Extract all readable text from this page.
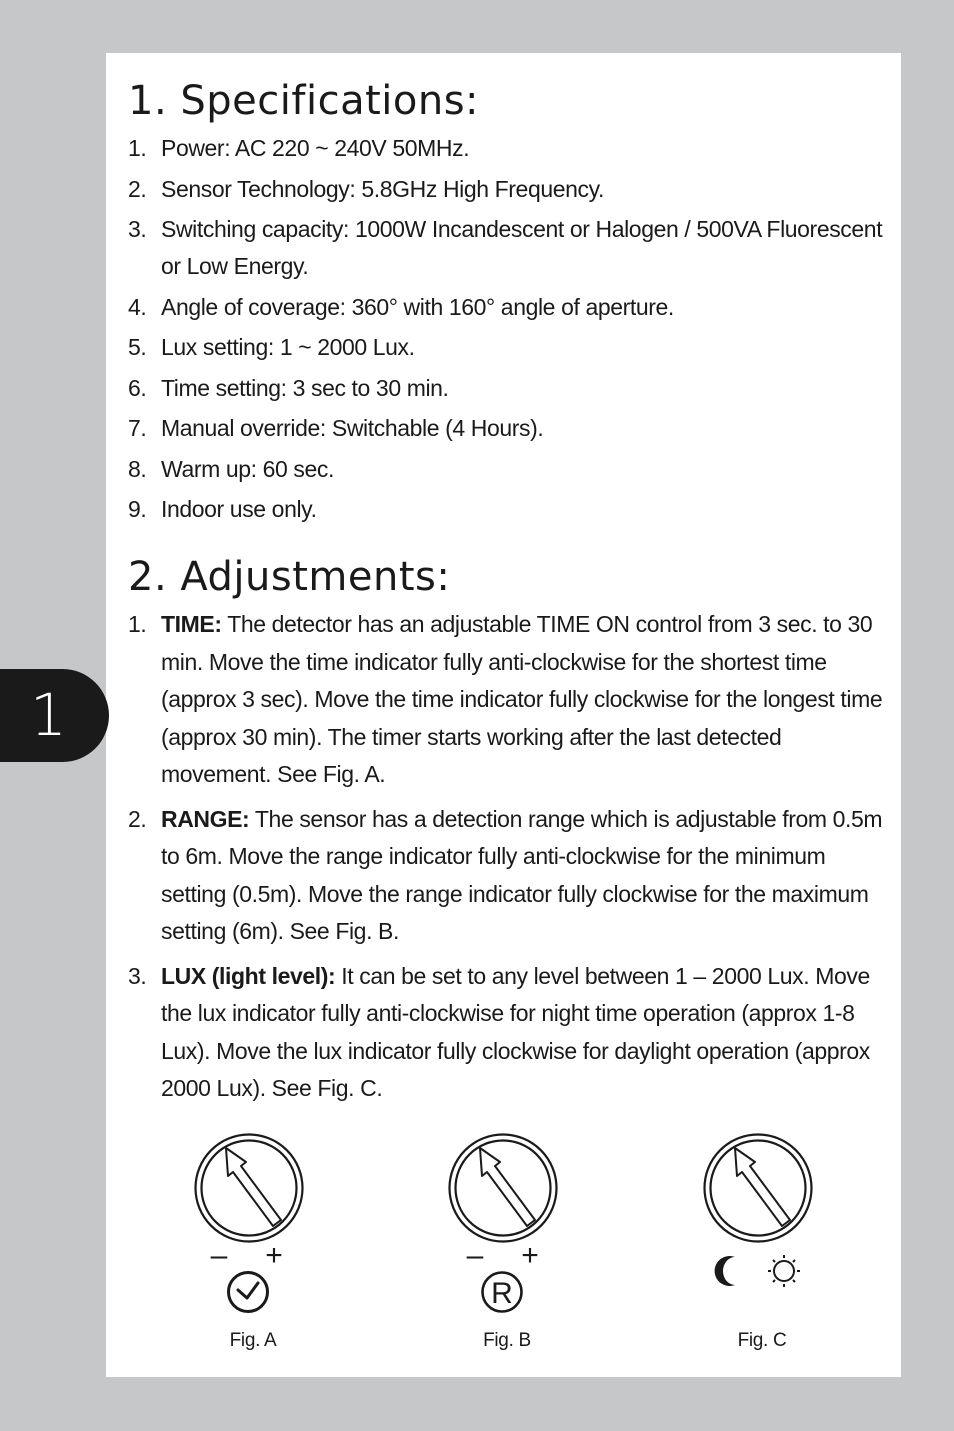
1
1. Specifications:
1. Power: AC 220 ~ 240V 50MHz.
2. Sensor Technology: 5.8GHz High Frequency.
3. Switching capacity: 1000W Incandescent or Halogen / 500VA Fluorescent or Low Energy.
4. Angle of coverage: 360° with 160° angle of aperture.
5. Lux setting: 1 ~ 2000 Lux.
6. Time setting: 3 sec to 30 min.
7. Manual override: Switchable (4 Hours).
8. Warm up: 60 sec.
9. Indoor use only.
2. Adjustments:
1. TIME: The detector has an adjustable TIME ON control from 3 sec. to 30 min. Move the time indicator fully anti-clockwise for the shortest time (approx 3 sec). Move the time indicator fully clockwise for the longest time (approx 30 min). The timer starts working after the last detected movement. See Fig. A.
2. RANGE: The sensor has a detection range which is adjustable from 0.5m to 6m. Move the range indicator fully anti-clockwise for the minimum setting (0.5m). Move the range indicator fully clockwise for the maximum setting (6m). See Fig. B.
3. LUX (light level): It can be set to any level between 1 – 2000 Lux. Move the lux indicator fully anti-clockwise for night time operation (approx 1-8 Lux). Move the lux indicator fully clockwise for daylight operation (approx 2000 Lux). See Fig. C.
– +
Fig. A
– +
R
Fig. B	Fig. C
